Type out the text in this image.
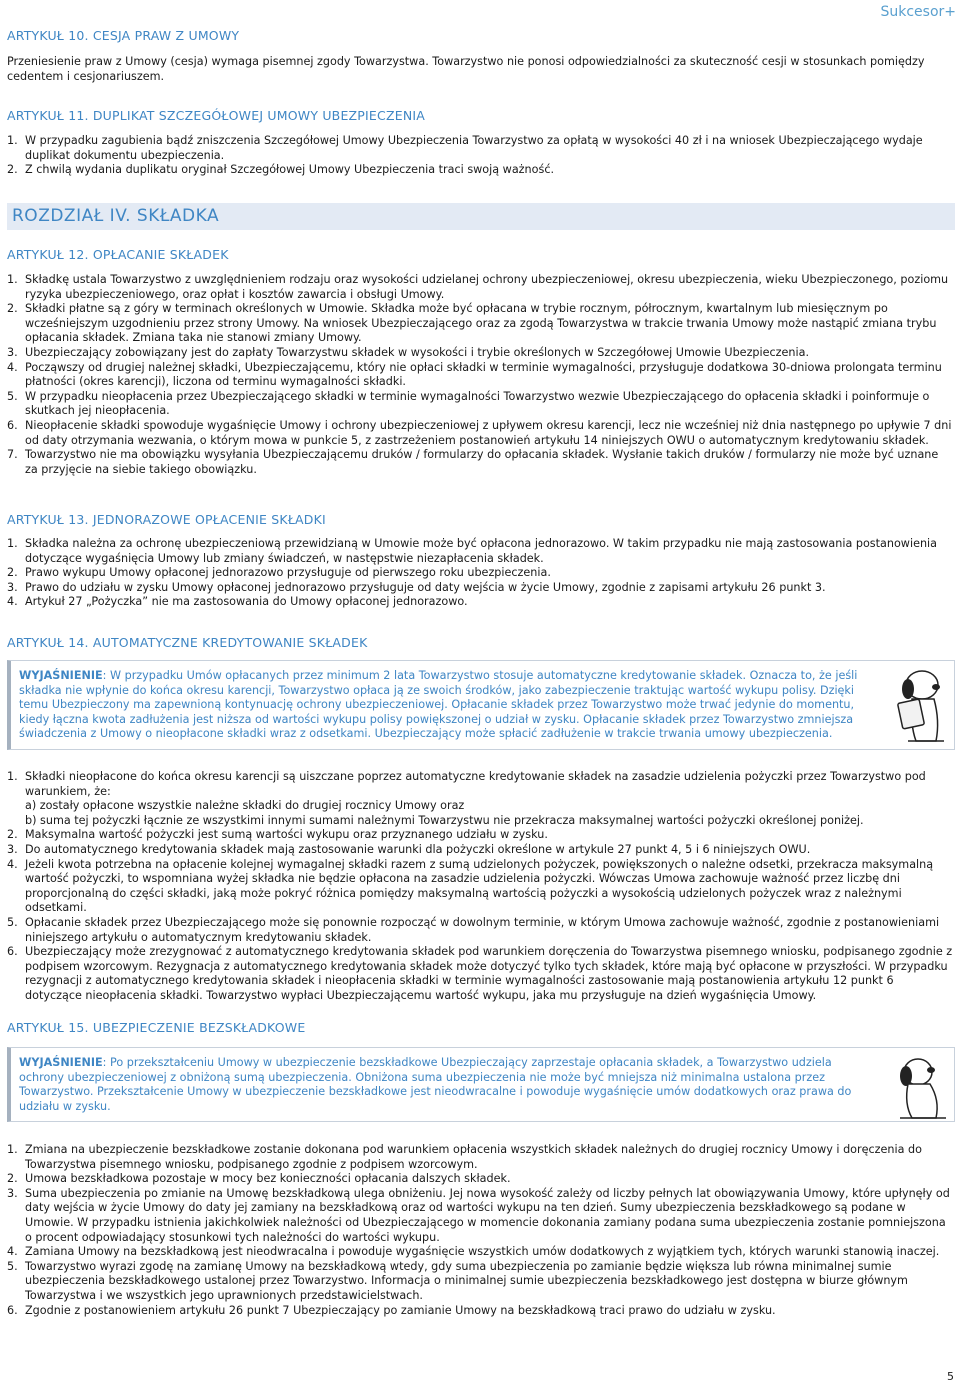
Sukcesor+
ARTYKUŁ 10. CESJA PRAW Z UMOWY

Przeniesienie praw z Umowy (cesja) wymaga pisemnej zgody Towarzystwa. Towarzystwo nie ponosi odpowiedzialności za skuteczność cesji w stosunkach pomiędzy cedentem i cesjonariuszem.

ARTYKUŁ 11. DUPLIKAT SZCZEGÓŁOWEJ UMOWY UBEZPIECZENIA
1. W przypadku zagubienia bądź zniszczenia Szczegółowej Umowy Ubezpieczenia Towarzystwo za opłatą w wysokości 40 zł i na wniosek Ubezpieczającego wydaje duplikat dokumentu ubezpieczenia.
2. Z chwilą wydania duplikatu oryginał Szczegółowej Umowy Ubezpieczenia traci swoją ważność.
ROZDZIAŁ IV. SKŁADKA
ARTYKUŁ 12. OPŁACANIE SKŁADEK
1. Składkę ustala Towarzystwo z uwzględnieniem rodzaju oraz wysokości udzielanej ochrony ubezpieczeniowej, okresu ubezpieczenia, wieku Ubezpieczonego, poziomu ryzyka ubezpieczeniowego, oraz opłat i kosztów zawarcia i obsługi Umowy.
2. Składki płatne są z góry w terminach określonych w Umowie. Składka może być opłacana w trybie rocznym, półrocznym, kwartalnym lub miesięcznym po wcześniejszym uzgodnieniu przez strony Umowy. Na wniosek Ubezpieczającego oraz za zgodą Towarzystwa w trakcie trwania Umowy może nastąpić zmiana trybu opłacania składek. Zmiana taka nie stanowi zmiany Umowy.
3. Ubezpieczający zobowiązany jest do zapłaty Towarzystwu składek w wysokości i trybie określonych w Szczegółowej Umowie Ubezpieczenia.
4. Począwszy od drugiej należnej składki, Ubezpieczającemu, który nie opłaci składki w terminie wymagalności, przysługuje dodatkowa 30-dniowa prolongata terminu płatności (okres karencji), liczona od terminu wymagalności składki.
5. W przypadku nieopłacenia przez Ubezpieczającego składki w terminie wymagalności Towarzystwo wezwie Ubezpieczającego do opłacenia składki i poinformuje o skutkach jej nieopłacenia.
6. Nieopłacenie składki spowoduje wygaśnięcie Umowy i ochrony ubezpieczeniowej z upływem okresu karencji, lecz nie wcześniej niż dnia następnego po upływie 7 dni od daty otrzymania wezwania, o którym mowa w punkcie 5, z zastrzeżeniem postanowień artykułu 14 niniejszych OWU o automatycznym kredytowaniu składek.
7. Towarzystwo nie ma obowiązku wysyłania Ubezpieczającemu druków / formularzy do opłacania składek. Wysłanie takich druków / formularzy nie może być uznane za przyjęcie na siebie takiego obowiązku.
ARTYKUŁ 13. JEDNORAZOWE OPŁACENIE SKŁADKI
1. Składka należna za ochronę ubezpieczeniową przewidzianą w Umowie może być opłacona jednorazowo. W takim przypadku nie mają zastosowania postanowienia dotyczące wygaśnięcia Umowy lub zmiany świadczeń, w następstwie niezapłacenia składek.
2. Prawo wykupu Umowy opłaconej jednorazowo przysługuje od pierwszego roku ubezpieczenia.
3. Prawo do udziału w zysku Umowy opłaconej jednorazowo przysługuje od daty wejścia w życie Umowy, zgodnie z zapisami artykułu 26 punkt 3.
4. Artykuł 27 „Pożyczka” nie ma zastosowania do Umowy opłaconej jednorazowo.
ARTYKUŁ 14. AUTOMATYCZNE KREDYTOWANIE SKŁADEK
WYJAŚNIENIE: W przypadku Umów opłacanych przez minimum 2 lata Towarzystwo stosuje automatyczne kredytowanie składek. Oznacza to, że jeśli
składka nie wpłynie do końca okresu karencji, Towarzystwo opłaca ją ze swoich środków, jako zabezpieczenie traktując wartość wykupu polisy. Dzięki
temu Ubezpieczony ma zapewnioną kontynuację ochrony ubezpieczeniowej. Opłacanie składek przez Towarzystwo może trwać jedynie do momentu,
kiedy łączna kwota zadłużenia jest niższa od wartości wykupu polisy powiększonej o udział w zysku. Opłacanie składek przez Towarzystwo zmniejsza
świadczenia z Umowy o nieopłacone składki wraz z odsetkami. Ubezpieczający może spłacić zadłużenie w trakcie trwania umowy ubezpieczenia.
1. Składki nieopłacone do końca okresu karencji są uiszczane poprzez automatyczne kredytowanie składek na zasadzie udzielenia pożyczki przez Towarzystwo pod warunkiem, że:
a) zostały opłacone wszystkie należne składki do drugiej rocznicy Umowy oraz
b) suma tej pożyczki łącznie ze wszystkimi innymi sumami należnymi Towarzystwu nie przekracza maksymalnej wartości pożyczki określonej poniżej.
2. Maksymalna wartość pożyczki jest sumą wartości wykupu oraz przyznanego udziału w zysku.
3. Do automatycznego kredytowania składek mają zastosowanie warunki dla pożyczki określone w artykule 27 punkt 4, 5 i 6 niniejszych OWU.
4. Jeżeli kwota potrzebna na opłacenie kolejnej wymagalnej składki razem z sumą udzielonych pożyczek, powiększonych o należne odsetki, przekracza maksymalną wartość pożyczki, to wspomniana wyżej składka nie będzie opłacona na zasadzie udzielenia pożyczki. Wówczas Umowa zachowuje ważność przez liczbę dni proporcjonalną do części składki, jaką może pokryć różnica pomiędzy maksymalną wartością pożyczki a wysokością udzielonych pożyczek wraz z należnymi odsetkami.
5. Opłacanie składek przez Ubezpieczającego może się ponownie rozpocząć w dowolnym terminie, w którym Umowa zachowuje ważność, zgodnie z postanowieniami niniejszego artykułu o automatycznym kredytowaniu składek.
6. Ubezpieczający może zrezygnować z automatycznego kredytowania składek pod warunkiem doręczenia do Towarzystwa pisemnego wniosku, podpisanego zgodnie z podpisem wzorcowym. Rezygnacja z automatycznego kredytowania składek może dotyczyć tylko tych składek, które mają być opłacone w przyszłości. W przypadku rezygnacji z automatycznego kredytowania składek i nieopłacenia składki w terminie wymagalności zastosowanie mają postanowienia artykułu 12 punkt 6 dotyczące nieopłacenia składki. Towarzystwo wypłaci Ubezpieczającemu wartość wykupu, jaka mu przysługuje na dzień wygaśnięcia Umowy.
ARTYKUŁ 15. UBEZPIECZENIE BEZSKŁADKOWE
WYJAŚNIENIE: Po przekształceniu Umowy w ubezpieczenie bezskładkowe Ubezpieczający zaprzestaje opłacania składek, a Towarzystwo udziela
ochrony ubezpieczeniowej z obniżoną sumą ubezpieczenia. Obniżona suma ubezpieczenia nie może być mniejsza niż minimalna ustalona przez
Towarzystwo. Przekształcenie Umowy w ubezpieczenie bezskładkowe jest nieodwracalne i powoduje wygaśnięcie umów dodatkowych oraz prawa do
udziału w zysku.
1. Zmiana na ubezpieczenie bezskładkowe zostanie dokonana pod warunkiem opłacenia wszystkich składek należnych do drugiej rocznicy Umowy i doręczenia do Towarzystwa pisemnego wniosku, podpisanego zgodnie z podpisem wzorcowym.
2. Umowa bezskładkowa pozostaje w mocy bez konieczności opłacania dalszych składek.
3. Suma ubezpieczenia po zmianie na Umowę bezskładkową ulega obniżeniu. Jej nowa wysokość zależy od liczby pełnych lat obowiązywania Umowy, które upłynęły od daty wejścia w życie Umowy do daty jej zamiany na bezskładkową oraz od wartości wykupu na ten dzień. Sumy ubezpieczenia bezskładkowego są podane w Umowie. W przypadku istnienia jakichkolwiek należności od Ubezpieczającego w momencie dokonania zamiany podana suma ubezpieczenia zostanie pomniejszona o procent odpowiadający stosunkowi tych należności do wartości wykupu.
4. Zamiana Umowy na bezskładkową jest nieodwracalna i powoduje wygaśnięcie wszystkich umów dodatkowych z wyjątkiem tych, których warunki stanowią inaczej.
5. Towarzystwo wyrazi zgodę na zamianę Umowy na bezskładkową wtedy, gdy suma ubezpieczenia po zamianie będzie większa lub równa minimalnej sumie ubezpieczenia bezskładkowego ustalonej przez Towarzystwo. Informacja o minimalnej sumie ubezpieczenia bezskładkowego jest dostępna w biurze głównym Towarzystwa i we wszystkich jego uprawnionych przedstawicielstwach.
6. Zgodnie z postanowieniem artykułu 26 punkt 7 Ubezpieczający po zamianie Umowy na bezskładkową traci prawo do udziału w zysku.
5
